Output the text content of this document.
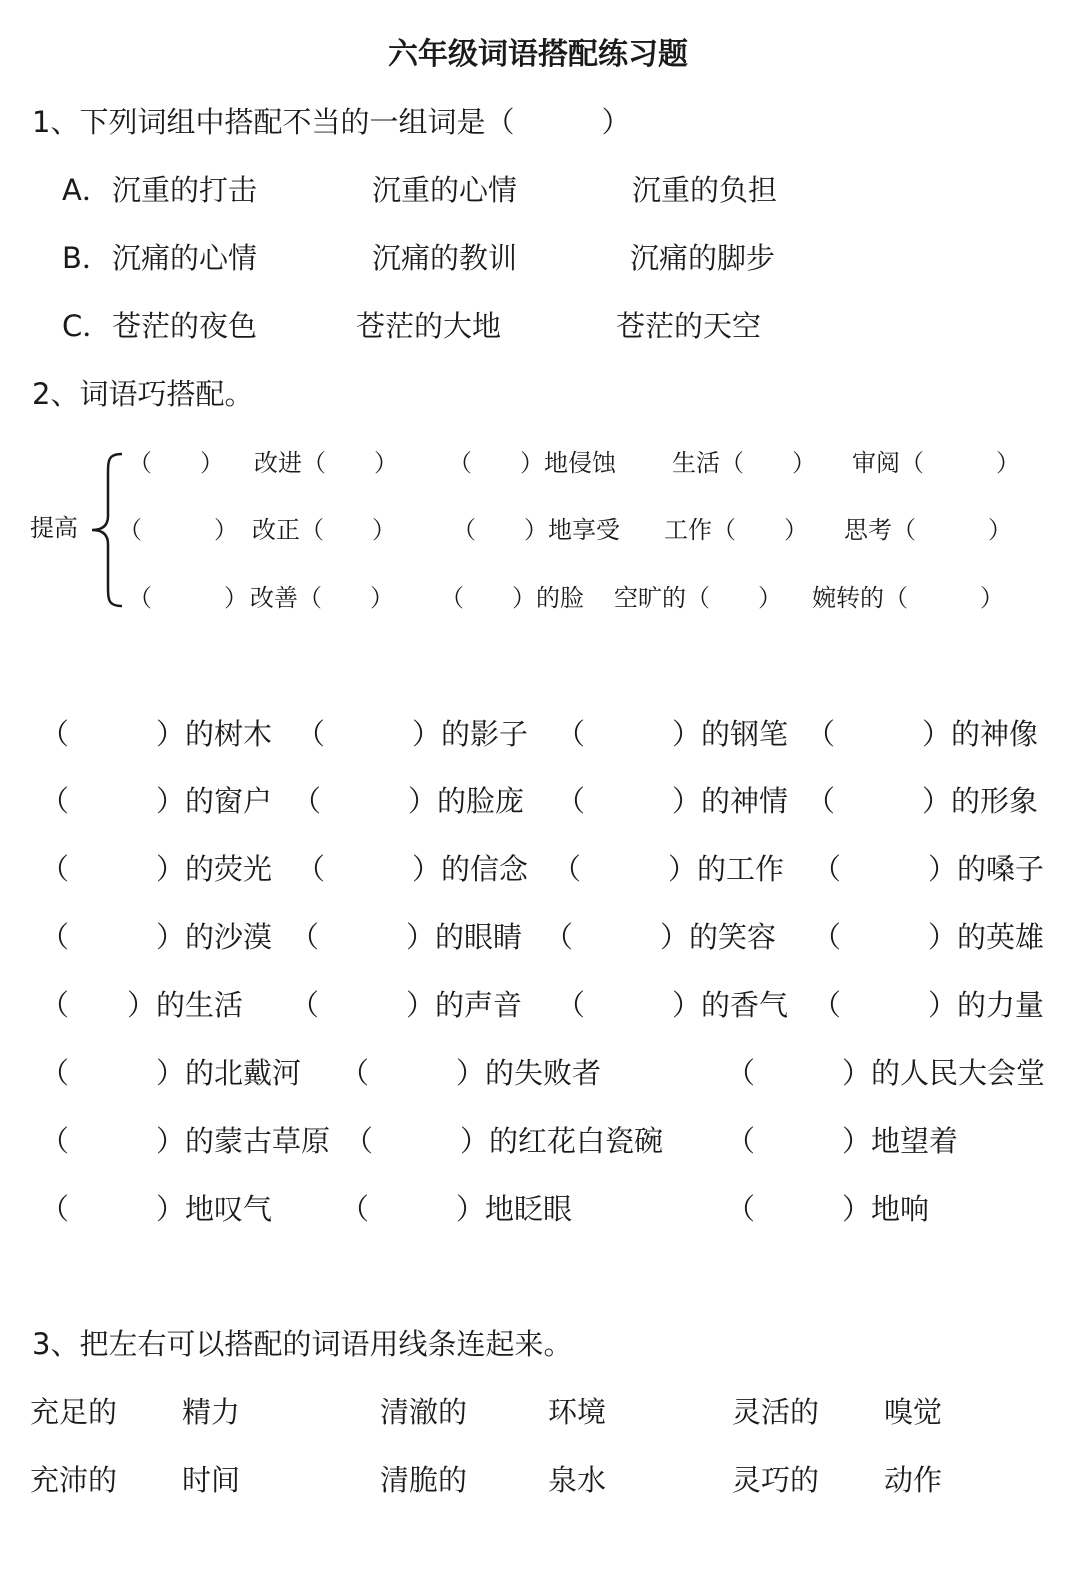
六年级词语搭配练习题
1、下列词组中搭配不当的一组词是（　　　）
A． 沉重的打击	沉重的心情	沉重的负担
B． 沉痛的心情	沉痛的教训	沉痛的脚步
C． 苍茫的夜色	苍茫的大地	苍茫的天空
2、词语巧搭配。
提高
（　　） 改进（　　） （　　）地侵蚀 生活（　　） 审阅（　　　）
（　　　） 改正（　　） （　　）地享受 工作（　　） 思考（　　　）
（　　　） 改善（　　） （　　）的脸 空旷的（　　） 婉转的（　　　）
（　　　）的树木 （　　　）的影子 （　　　）的钢笔 （　　　）的神像
（　　　）的窗户 （　　　）的脸庞 （　　　）的神情 （　　　）的形象
（　　　）的荧光 （　　　）的信念 （　　　）的工作 （　　　）的嗓子
（　　　）的沙漠 （　　　）的眼睛 （　　　）的笑容 （　　　）的英雄
（　　）的生活 （　　　）的声音 （　　　）的香气 （　　　）的力量
（　　　）的北戴河 （　　　）的失败者	（　　　）的人民大会堂
（　　　）的蒙古草原 （　　　）的红花白瓷碗 （　　　）地望着
（　　　）地叹气 （　　　）地眨眼	（　　　）地响
3、把左右可以搭配的词语用线条连起来。
充足的 精力	清澈的	环境	灵活的 嗅觉
充沛的 时间	清脆的	泉水	灵巧的 动作
